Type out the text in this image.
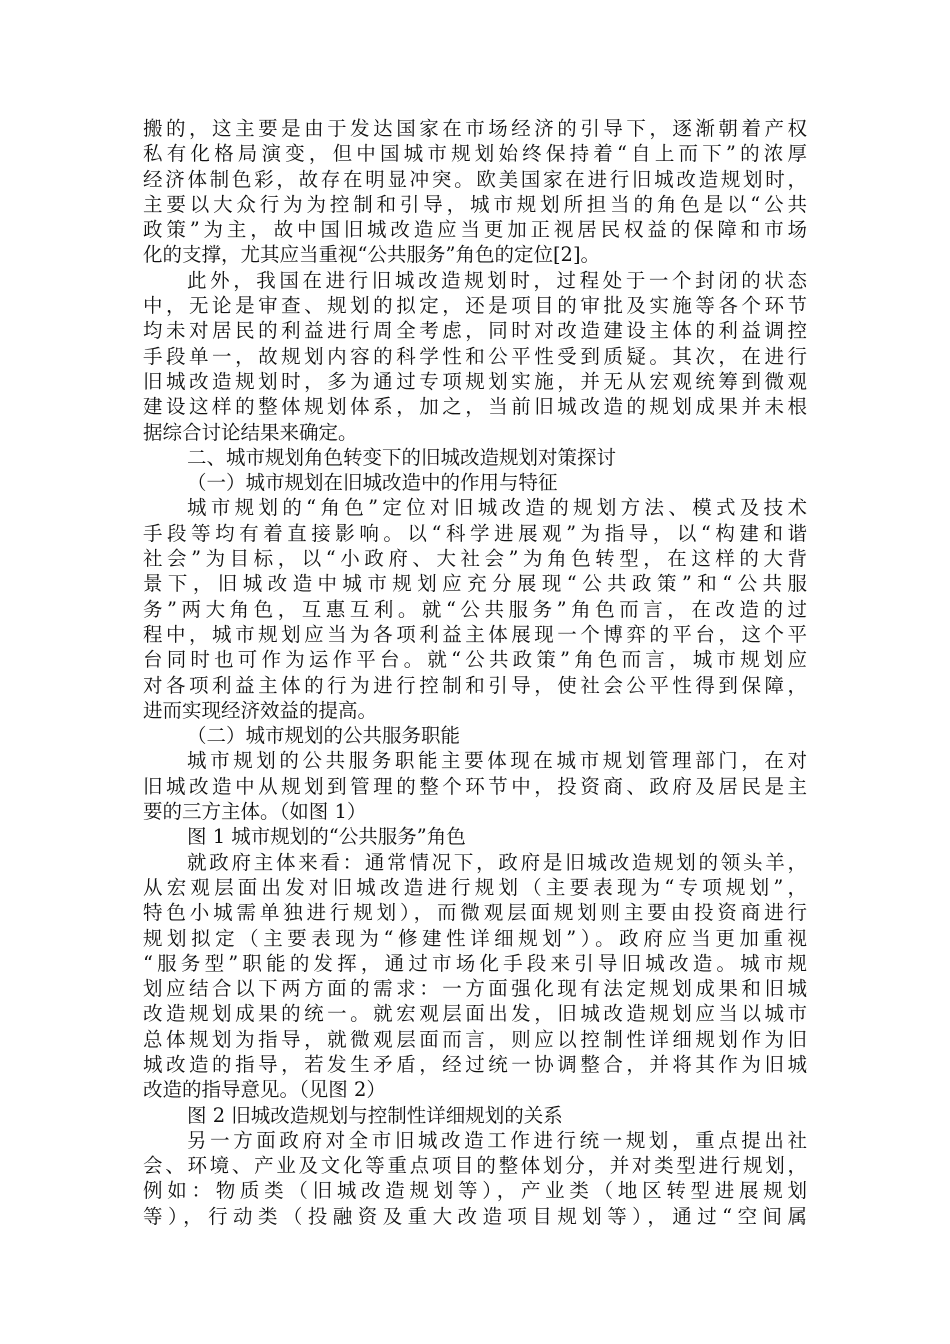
搬的，这主要是由于发达国家在市场经济的引导下，逐渐朝着产权
私有化格局演变，但中国城市规划始终保持着“自上而下”的浓厚
经济体制色彩，故存在明显冲突。欧美国家在进行旧城改造规划时，
主要以大众行为为控制和引导，城市规划所担当的角色是以“公共
政策”为主，故中国旧城改造应当更加正视居民权益的保障和市场
化的支撑，尤其应当重视“公共服务”角色的定位[2]。
此外，我国在进行旧城改造规划时，过程处于一个封闭的状态
中，无论是审查、规划的拟定，还是项目的审批及实施等各个环节
均未对居民的利益进行周全考虑，同时对改造建设主体的利益调控
手段单一，故规划内容的科学性和公平性受到质疑。其次，在进行
旧城改造规划时，多为通过专项规划实施，并无从宏观统筹到微观
建设这样的整体规划体系，加之，当前旧城改造的规划成果并未根
据综合讨论结果来确定。
二、城市规划角色转变下的旧城改造规划对策探讨
（一）城市规划在旧城改造中的作用与特征
城市规划的“角色”定位对旧城改造的规划方法、模式及技术
手段等均有着直接影响。以“科学进展观”为指导，以“构建和谐
社会”为目标，以“小政府、大社会”为角色转型，在这样的大背
景下，旧城改造中城市规划应充分展现“公共政策”和“公共服
务”两大角色，互惠互利。就“公共服务”角色而言，在改造的过
程中，城市规划应当为各项利益主体展现一个博弈的平台，这个平
台同时也可作为运作平台。就“公共政策”角色而言，城市规划应
对各项利益主体的行为进行控制和引导，使社会公平性得到保障，
进而实现经济效益的提高。
（二）城市规划的公共服务职能
城市规划的公共服务职能主要体现在城市规划管理部门，在对
旧城改造中从规划到管理的整个环节中，投资商、政府及居民是主
要的三方主体。（如图 1）
图 1 城市规划的“公共服务”角色
就政府主体来看：通常情况下，政府是旧城改造规划的领头羊，
从宏观层面出发对旧城改造进行规划（主要表现为“专项规划”，
特色小城需单独进行规划），而微观层面规划则主要由投资商进行
规划拟定（主要表现为“修建性详细规划”）。政府应当更加重视
“服务型”职能的发挥，通过市场化手段来引导旧城改造。城市规
划应结合以下两方面的需求：一方面强化现有法定规划成果和旧城
改造规划成果的统一。就宏观层面出发，旧城改造规划应当以城市
总体规划为指导，就微观层面而言，则应以控制性详细规划作为旧
城改造的指导，若发生矛盾，经过统一协调整合，并将其作为旧城
改造的指导意见。（见图 2）
图 2 旧城改造规划与控制性详细规划的关系
另一方面政府对全市旧城改造工作进行统一规划，重点提出社
会、环境、产业及文化等重点项目的整体划分，并对类型进行规划，
例如：物质类（旧城改造规划等），产业类（地区转型进展规划
等），行动类（投融资及重大改造项目规划等），通过“空间属
